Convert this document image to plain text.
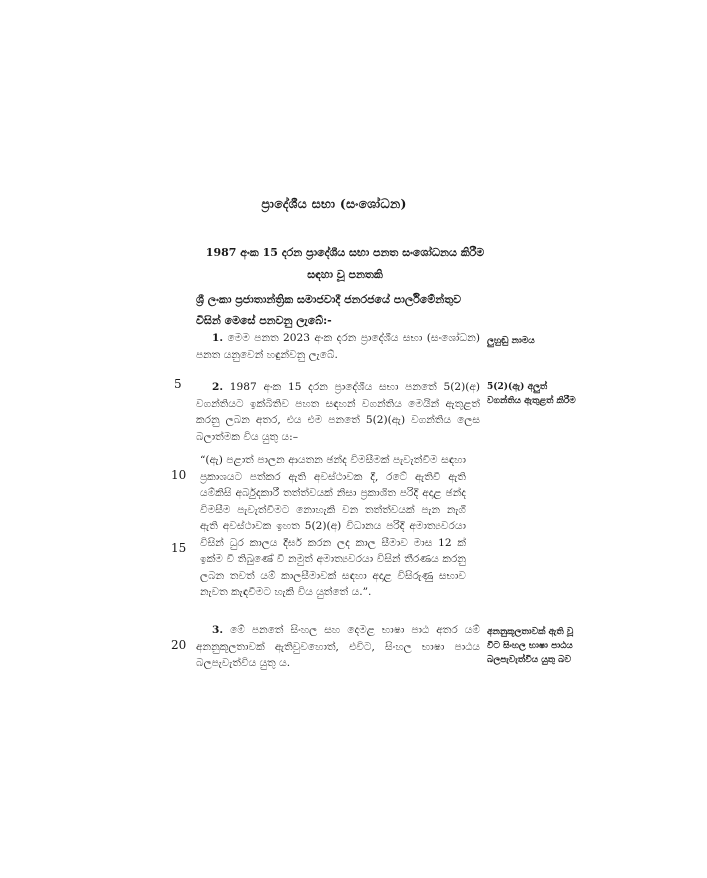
ප්‍රාදේශීය සභා (සංශෝධන)
1987 අංක 15 දරන ප්‍රාදේශීය සභා පනත සංශෝධනය කිරීම සඳහා වූ පනතකි
ශ්‍රී ලංකා ප්‍රජාතාන්ත්‍රික සමාජවාදී ජනරජයේ පාර්ලිමේන්තුව විසින් මෙසේ පනවනු ලැබේ:-
1. මෙම පනත 2023 අංක දරන ප්‍රාදේශීය සභා (සංශෝධන) පනත යනුවෙන් හඳුන්වනු ලැබේ.
ලුහුඬු නාමය
2. 1987 අංක 15 දරන ප්‍රාදේශීය සභා පනතේ 5(2)(අ) වගන්තියට ඉක්බිතිව පහත සඳහන් වගන්තිය මෙයින් ඇතුළත් කරනු ලබන අතර, එය එම පනතේ 5(2)(ඇ) වගන්තිය ලෙස බලාත්මක විය යුතු ය:–
5(2)(ඇ) අලුත් වගන්තිය ඇතුළත් කිරීම
“(ඇ) පළාත් පාලන ආයතන ඡන්ද විමසීමක් පැවැත්වීම සඳහා ප්‍රකාශයට පත්කර ඇති අවස්ථාවක දී, රටේ ඇතිවී ඇති යම්කිසි අර්බුදකාරී තත්ත්වයක් නිසා ප්‍රකාශිත පරිදි අදාළ ඡන්ද විමසීම පැවැත්වීමට නොහැකි වන තත්ත්වයක් පැන නැගී ඇති අවස්ථාවක ඉහත 5(2)(අ) විධානය පරිදි අමාත්‍යවරයා විසින් ධුර කාලය දීර්ඝ කරන ලද කාල සීමාව මාස 12 ක් ඉක්ම වී තිබුණේ වී නමුත් අමාත්‍යවරයා විසින් තීරණය කරනු ලබන තවත් යම් කාලසීමාවක් සඳහා අදාළ විසිරුණු සභාව නැවත කැඳවීමට හැකි විය යුත්තේ ය.”.
3. මේ පනතේ සිංහල සහ දෙමළ භාෂා පාඨ අතර යම් අනනුකූලතාවක් ඇතිවුවහොත්, එවිට, සිංහල භාෂා පාඨය බලපැවැත්විය යුතු ය.
අනනුකූලතාවක් ඇති වූ විට සිංහල භාෂා පාඨය බලපැවැත්විය යුතු බව
5
10
15
20
